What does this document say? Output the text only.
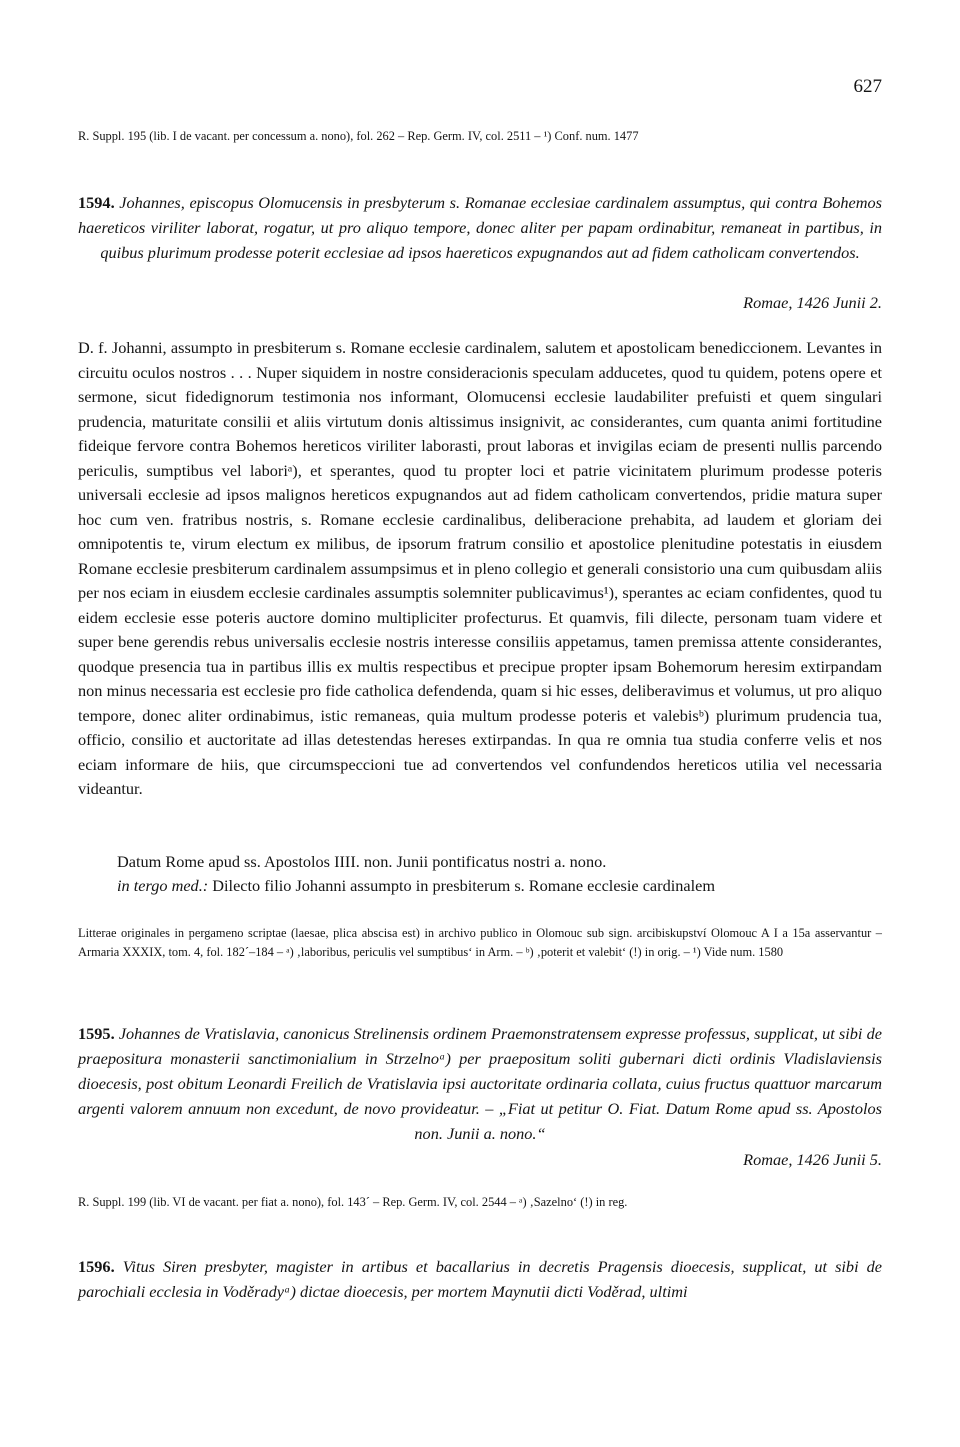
627
R. Suppl. 195 (lib. I de vacant. per concessum a. nono), fol. 262 – Rep. Germ. IV, col. 2511 – ¹) Conf. num. 1477
1594. Johannes, episcopus Olomucensis in presbyterum s. Romanae ecclesiae cardinalem assumptus, qui contra Bohemos haereticos viriliter laborat, rogatur, ut pro aliquo tempore, donec aliter per papam ordinabitur, remaneat in partibus, in quibus plurimum prodesse poterit ecclesiae ad ipsos haereticos expugnandos aut ad fidem catholicam convertendos.
Romae, 1426 Junii 2.
D. f. Johanni, assumpto in presbiterum s. Romane ecclesie cardinalem, salutem et apostolicam benediccionem. Levantes in circuitu oculos nostros . . . Nuper siquidem in nostre consideracionis speculam adducetes, quod tu quidem, potens opere et sermone, sicut fidedignorum testimonia nos informant, Olomucensi ecclesie laudabiliter prefuisti et quem singulari prudencia, maturitate consilii et aliis virtutum donis altissimus insignivit, ac considerantes, cum quanta animi fortitudine fideique fervore contra Bohemos hereticos viriliter laborasti, prout laboras et invigilas eciam de presenti nullis parcendo periculis, sumptibus vel laboriᵃ), et sperantes, quod tu propter loci et patrie vicinitatem plurimum prodesse poteris universali ecclesie ad ipsos malignos hereticos expugnandos aut ad fidem catholicam convertendos, pridie matura super hoc cum ven. fratribus nostris, s. Romane ecclesie cardinalibus, deliberacione prehabita, ad laudem et gloriam dei omnipotentis te, virum electum ex milibus, de ipsorum fratrum consilio et apostolice plenitudine potestatis in eiusdem Romane ecclesie presbiterum cardinalem assumpsimus et in pleno collegio et generali consistorio una cum quibusdam aliis per nos eciam in eiusdem ecclesie cardinales assumptis solemniter publicavimus¹), sperantes ac eciam confidentes, quod tu eidem ecclesie esse poteris auctore domino multipliciter profecturus. Et quamvis, fili dilecte, personam tuam videre et super bene gerendis rebus universalis ecclesie nostris interesse consiliis appetamus, tamen premissa attente considerantes, quodque presencia tua in partibus illis ex multis respectibus et precipue propter ipsam Bohemorum heresim extirpandam non minus necessaria est ecclesie pro fide catholica defendenda, quam si hic esses, deliberavimus et volumus, ut pro aliquo tempore, donec aliter ordinabimus, istic remaneas, quia multum prodesse poteris et valebisᵇ) plurimum prudencia tua, officio, consilio et auctoritate ad illas detestendas hereses extirpandas. In qua re omnia tua studia conferre velis et nos eciam informare de hiis, que circumspeccioni tue ad convertendos vel confundendos hereticos utilia vel necessaria videantur.
Datum Rome apud ss. Apostolos IIII. non. Junii pontificatus nostri a. nono.
in tergo med.: Dilecto filio Johanni assumpto in presbiterum s. Romane ecclesie cardinalem
Litterae originales in pergameno scriptae (laesae, plica abscisa est) in archivo publico in Olomouc sub sign. arcibiskupství Olomouc A I a 15a asservantur – Armaria XXXIX, tom. 4, fol. 182´–184 – ᵃ) ‚laboribus, periculis vel sumptibus‘ in Arm. – ᵇ) ‚poterit et valebit‘ (!) in orig. – ¹) Vide num. 1580
1595. Johannes de Vratislavia, canonicus Strelinensis ordinem Praemonstratensem expresse professus, supplicat, ut sibi de praepositura monasterii sanctimonialium in Strzelnoᵃ) per praepositum soliti gubernari dicti ordinis Vladislaviensis dioecesis, post obitum Leonardi Freilich de Vratislavia ipsi auctoritate ordinaria collata, cuius fructus quattuor marcarum argenti valorem annuum non excedunt, de novo provideatur. – „Fiat ut petitur O. Fiat. Datum Rome apud ss. Apostolos non. Junii a. nono.“
Romae, 1426 Junii 5.
R. Suppl. 199 (lib. VI de vacant. per fiat a. nono), fol. 143´ – Rep. Germ. IV, col. 2544 – ᵃ) ‚Sazelno‘ (!) in reg.
1596. Vitus Siren presbyter, magister in artibus et bacallarius in decretis Pragensis dioecesis, supplicat, ut sibi de parochiali ecclesia in Voděradyᵃ) dictae dioecesis, per mortem Maynutii dicti Voděrad, ultimi
